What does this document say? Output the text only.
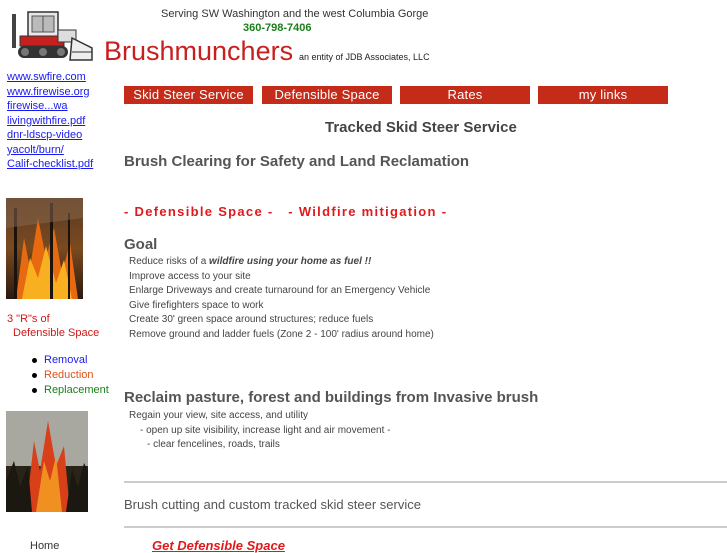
Serving SW Washington and the west Columbia Gorge
360-798-7406
Brushmunchers an entity of JDB Associates, LLC
www.swfire.com
www.firewise.org
firewise...wa
livingwithfire.pdf
dnr-ldscp-video
yacolt/burn/
Calif-checklist.pdf
3 "R"s of
Defensible Space
Removal
Reduction
Replacement
Home
Skid Steer Service	Defensible Space	Rates	my links
Tracked Skid Steer Service
Brush Clearing for Safety and Land Reclamation
- Defensible Space -   - Wildfire mitigation -
Goal
Reduce risks of a wildfire using your home as fuel !!
Improve access to your site
Enlarge Driveways and create turnaround for an Emergency Vehicle
Give firefighters space to work
Create 30' green space around structures; reduce fuels
Remove ground and ladder fuels (Zone 2 - 100' radius around home)
Reclaim pasture, forest and buildings from Invasive brush
Regain your view, site access, and utility
- open up site visibility, increase light and air movement -
- clear fencelines, roads, trails
Brush cutting and custom tracked skid steer service
Get Defensible Space
